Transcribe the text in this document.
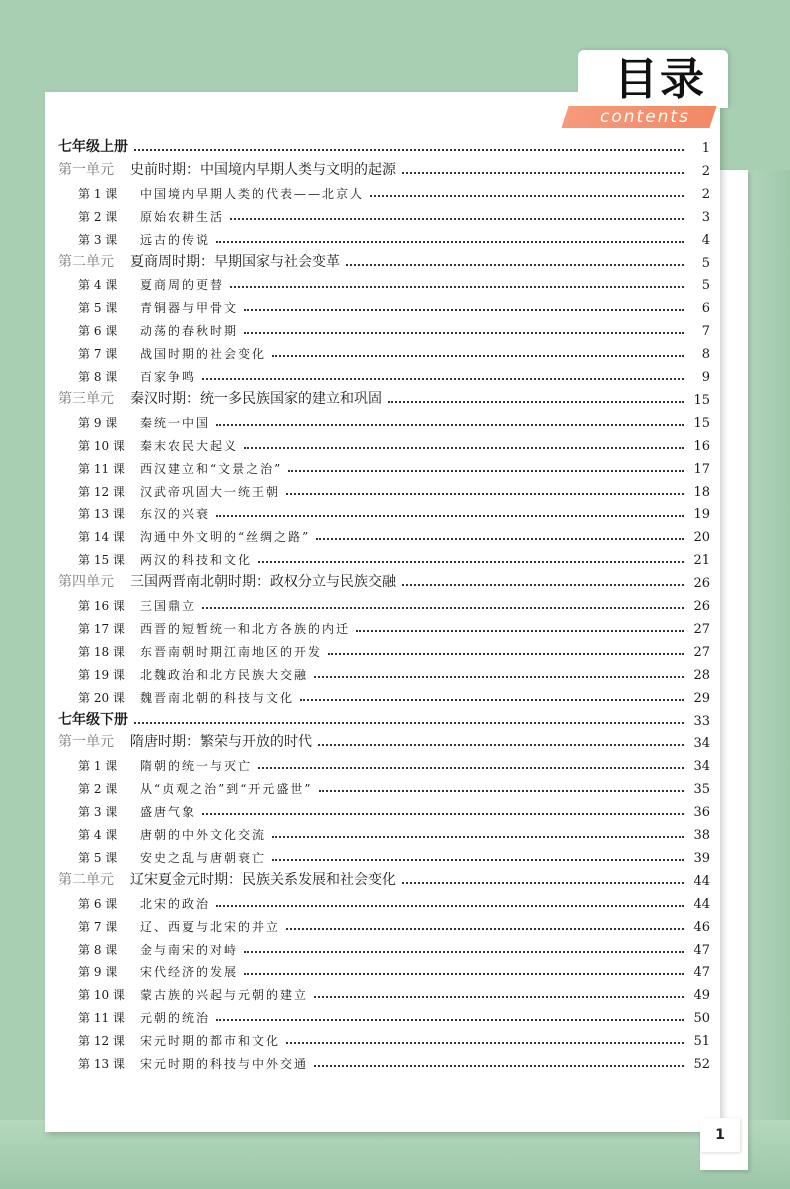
目录
contents
七年级上册	1
第一单元 史前时期：中国境内早期人类与文明的起源	2
第 1 课	中国境内早期人类的代表——北京人	2
第 2 课	原始农耕生活	3
第 3 课	远古的传说	4
第二单元 夏商周时期：早期国家与社会变革	5
第 4 课	夏商周的更替	5
第 5 课	青铜器与甲骨文	6
第 6 课	动荡的春秋时期	7
第 7 课	战国时期的社会变化	8
第 8 课	百家争鸣	9
第三单元 秦汉时期：统一多民族国家的建立和巩固	15
第 9 课	秦统一中国	15
第 10 课	秦末农民大起义	16
第 11 课	西汉建立和“文景之治”	17
第 12 课	汉武帝巩固大一统王朝	18
第 13 课	东汉的兴衰	19
第 14 课	沟通中外文明的“丝绸之路”	20
第 15 课	两汉的科技和文化	21
第四单元 三国两晋南北朝时期：政权分立与民族交融	26
第 16 课	三国鼎立	26
第 17 课	西晋的短暂统一和北方各族的内迁	27
第 18 课	东晋南朝时期江南地区的开发	27
第 19 课	北魏政治和北方民族大交融	28
第 20 课	魏晋南北朝的科技与文化	29
七年级下册	33
第一单元 隋唐时期：繁荣与开放的时代	34
第 1 课	隋朝的统一与灭亡	34
第 2 课	从“贞观之治”到“开元盛世”	35
第 3 课	盛唐气象	36
第 4 课	唐朝的中外文化交流	38
第 5 课	安史之乱与唐朝衰亡	39
第二单元 辽宋夏金元时期：民族关系发展和社会变化	44
第 6 课	北宋的政治	44
第 7 课	辽、西夏与北宋的并立	46
第 8 课	金与南宋的对峙	47
第 9 课	宋代经济的发展	47
第 10 课	蒙古族的兴起与元朝的建立	49
第 11 课	元朝的统治	50
第 12 课	宋元时期的都市和文化	51
第 13 课	宋元时期的科技与中外交通	52
1
